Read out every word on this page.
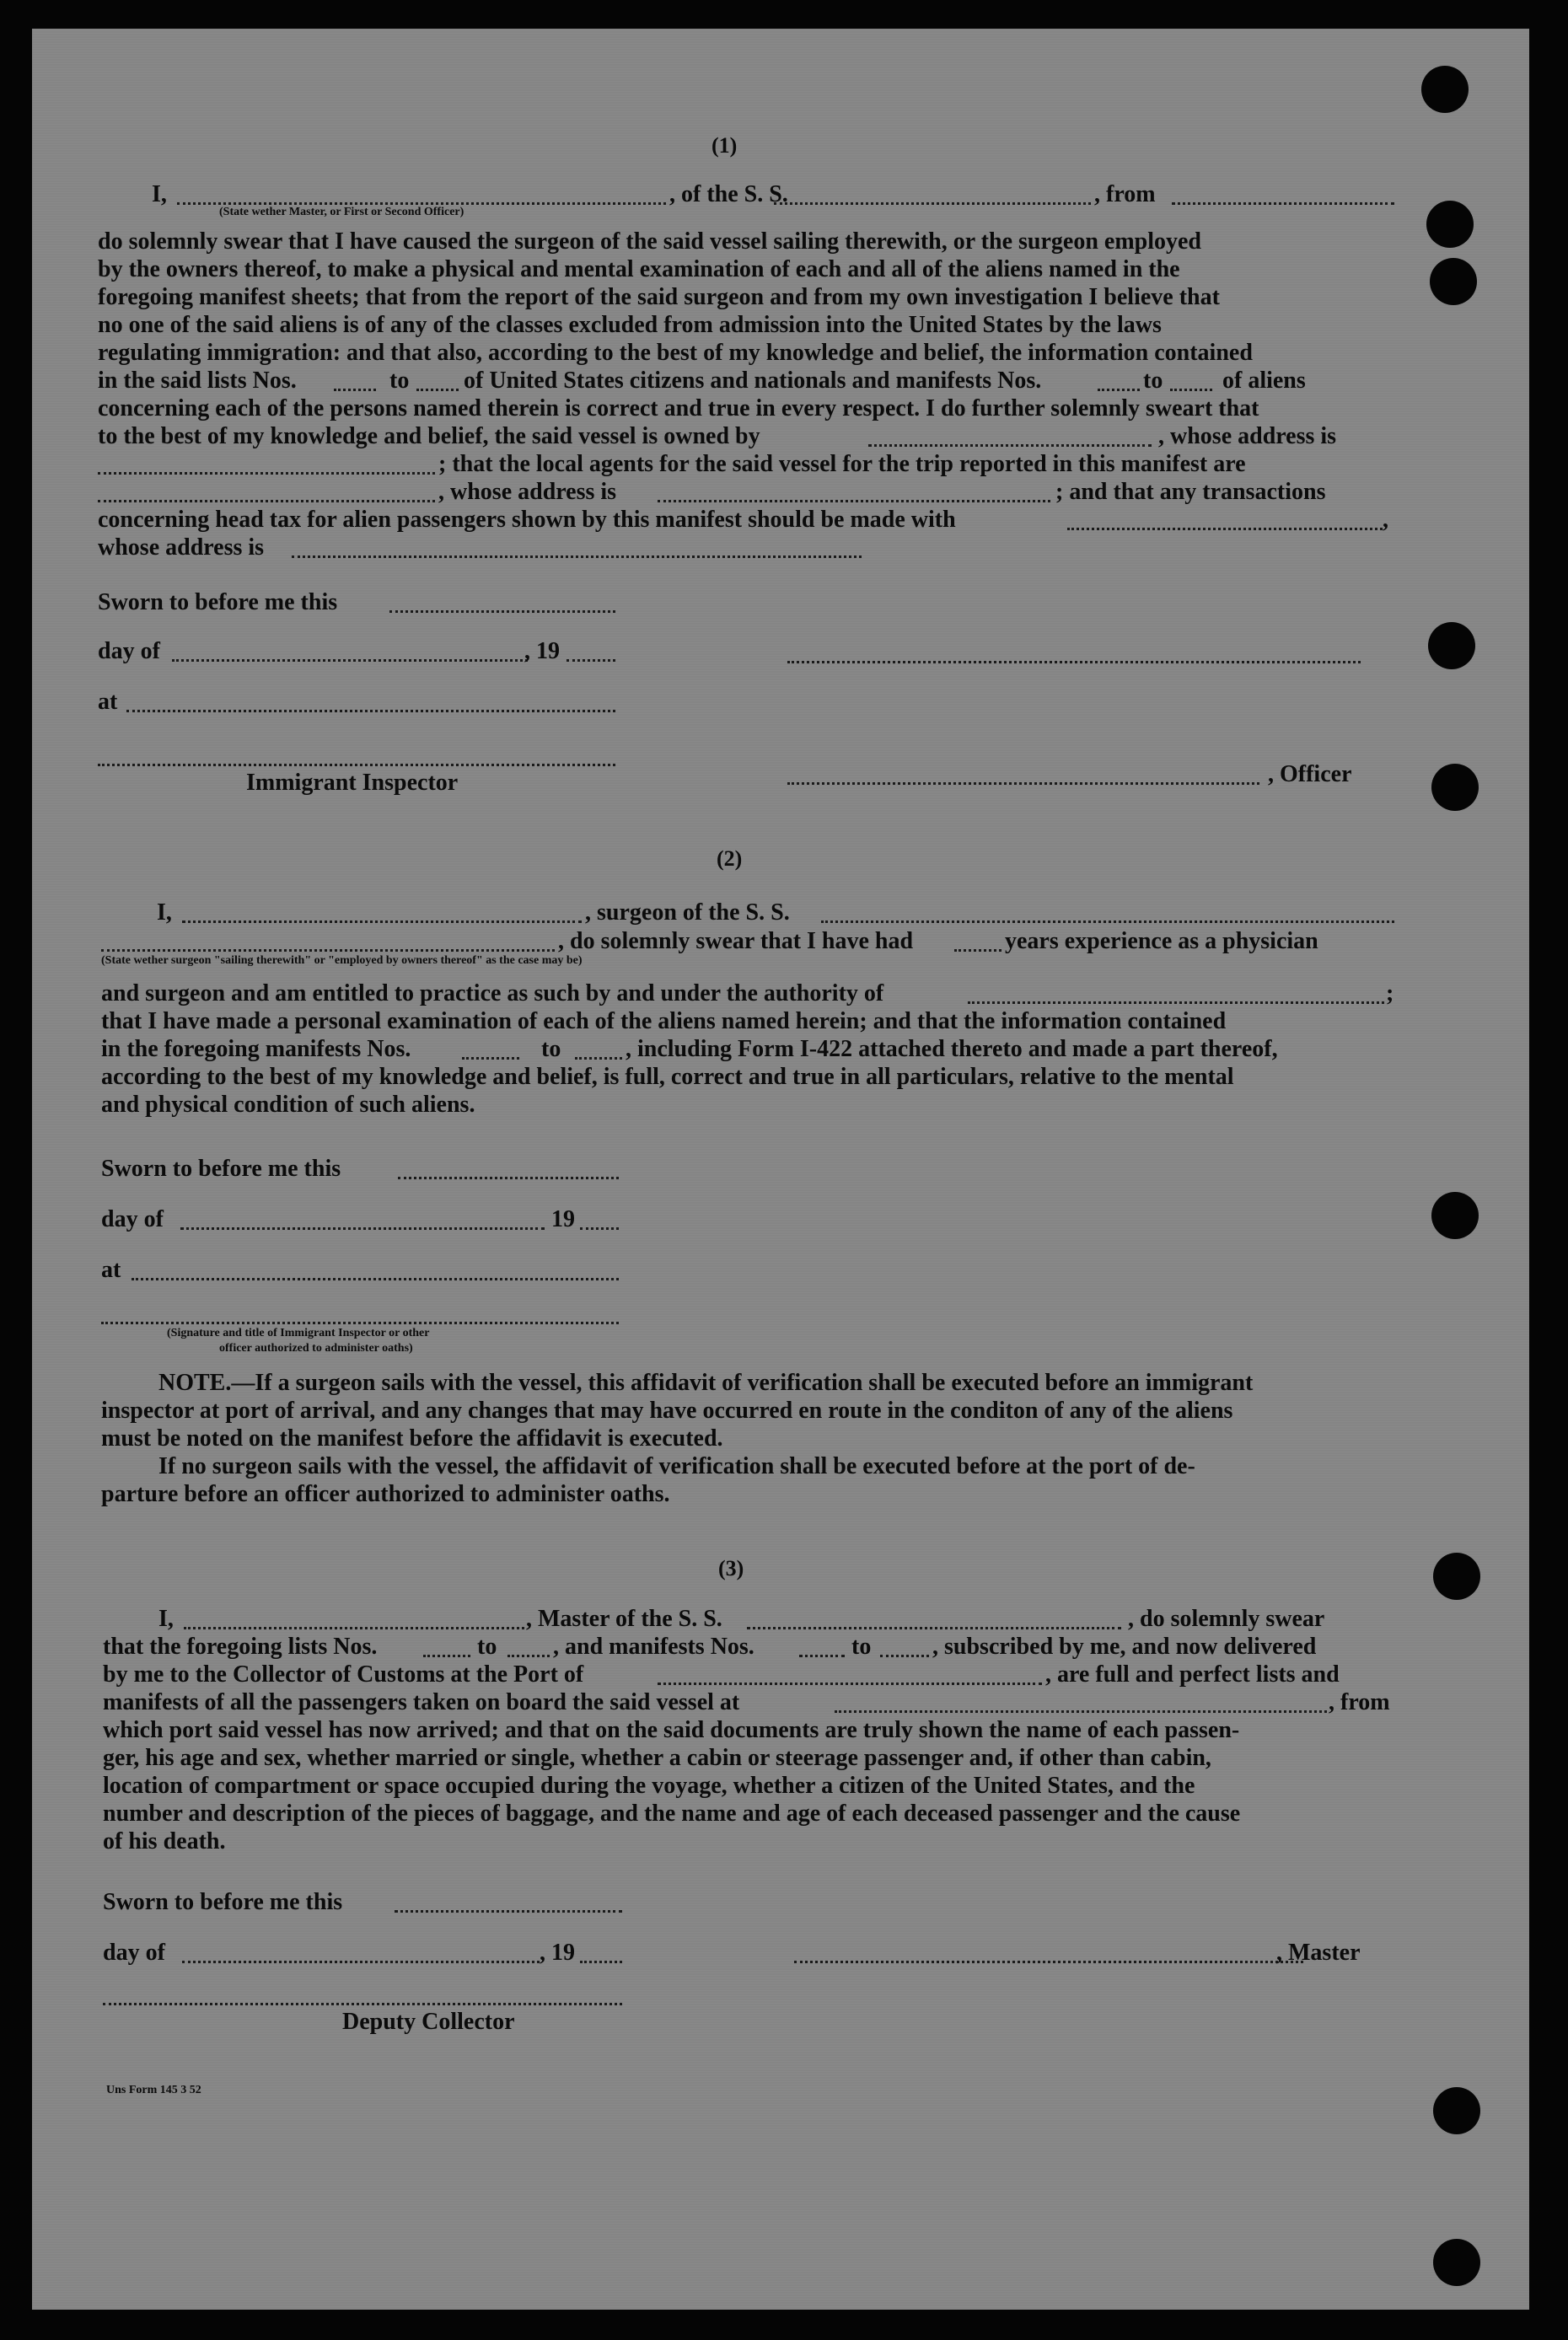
(1)
I,	, of the S. S.	, from
(State wether Master, or First or Second Officer)
do solemnly swear that I have caused the surgeon of the said vessel sailing therewith, or the surgeon employed
by the owners thereof, to make a physical and mental examination of each and all of the aliens named in the
foregoing manifest sheets; that from the report of the said surgeon and from my own investigation I believe that
no one of the said aliens is of any of the classes excluded from admission into the United States by the laws
regulating immigration: and that also, according to the best of my knowledge and belief, the information contained
in the said lists Nos.	to of United States citizens and nationals and manifests Nos.	to	of aliens
concerning each of the persons named therein is correct and true in every respect. I do further solemnly sweart that
to the best of my knowledge and belief, the said vessel is owned by	, whose address is
; that the local agents for the said vessel for the trip reported in this manifest are
, whose address is	; and that any transactions
concerning head tax for alien passengers shown by this manifest should be made with	,
whose address is
Sworn to before me this
day of	, 19
at
Immigrant Inspector	, Officer
(2)
I,	, surgeon of the S. S.
, do solemnly swear that I have had	years experience as a physician
(State wether surgeon "sailing therewith" or "employed by owners thereof" as the case may be)
and surgeon and am entitled to practice as such by and under the authority of	;
that I have made a personal examination of each of the aliens named herein; and that the information contained
in the foregoing manifests Nos.	to	, including Form I-422 attached thereto and made a part thereof,
according to the best of my knowledge and belief, is full, correct and true in all particulars, relative to the mental
and physical condition of such aliens.
Sworn to before me this
day of	19
at
(Signature and title of Immigrant Inspector or other
officer authorized to administer oaths)
NOTE.—If a surgeon sails with the vessel, this affidavit of verification shall be executed before an immigrant
inspector at port of arrival, and any changes that may have occurred en route in the conditon of any of the aliens
must be noted on the manifest before the affidavit is executed.
If no surgeon sails with the vessel, the affidavit of verification shall be executed before at the port of de-
parture before an officer authorized to administer oaths.
(3)
I,	, Master of the S. S.	, do solemnly swear
that the foregoing lists Nos.	to , and manifests Nos.	to	, subscribed by me, and now delivered
by me to the Collector of Customs at the Port of	, are full and perfect lists and
manifests of all the passengers taken on board the said vessel at	, from
which port said vessel has now arrived; and that on the said documents are truly shown the name of each passen-
ger, his age and sex, whether married or single, whether a cabin or steerage passenger and, if other than cabin,
location of compartment or space occupied during the voyage, whether a citizen of the United States, and the
number and description of the pieces of baggage, and the name and age of each deceased passenger and the cause
of his death.
Sworn to before me this
day of	, 19	, Master
Deputy Collector
Uns Form 145 3 52
